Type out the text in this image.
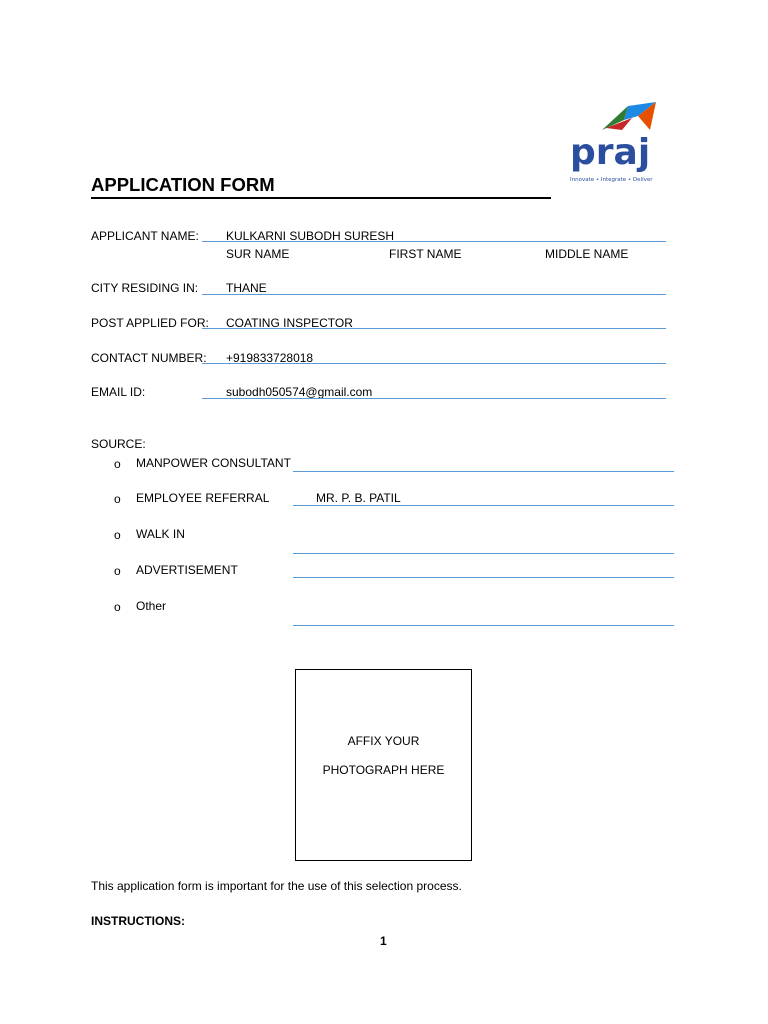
praj
Innovate • Integrate • Deliver
APPLICATION FORM
APPLICANT NAME: KULKARNI SUBODH SURESH
SUR NAME	FIRST NAME	MIDDLE NAME
CITY RESIDING IN: THANE
POST APPLIED FOR: COATING INSPECTOR
CONTACT NUMBER: +919833728018
EMAIL ID:	subodh050574@gmail.com
SOURCE:
o MANPOWER CONSULTANT
o EMPLOYEE REFERRAL	MR. P. B. PATIL
o WALK IN
o ADVERTISEMENT
o Other
AFFIX YOUR
PHOTOGRAPH HERE
This application form is important for the use of this selection process.
INSTRUCTIONS:
1
